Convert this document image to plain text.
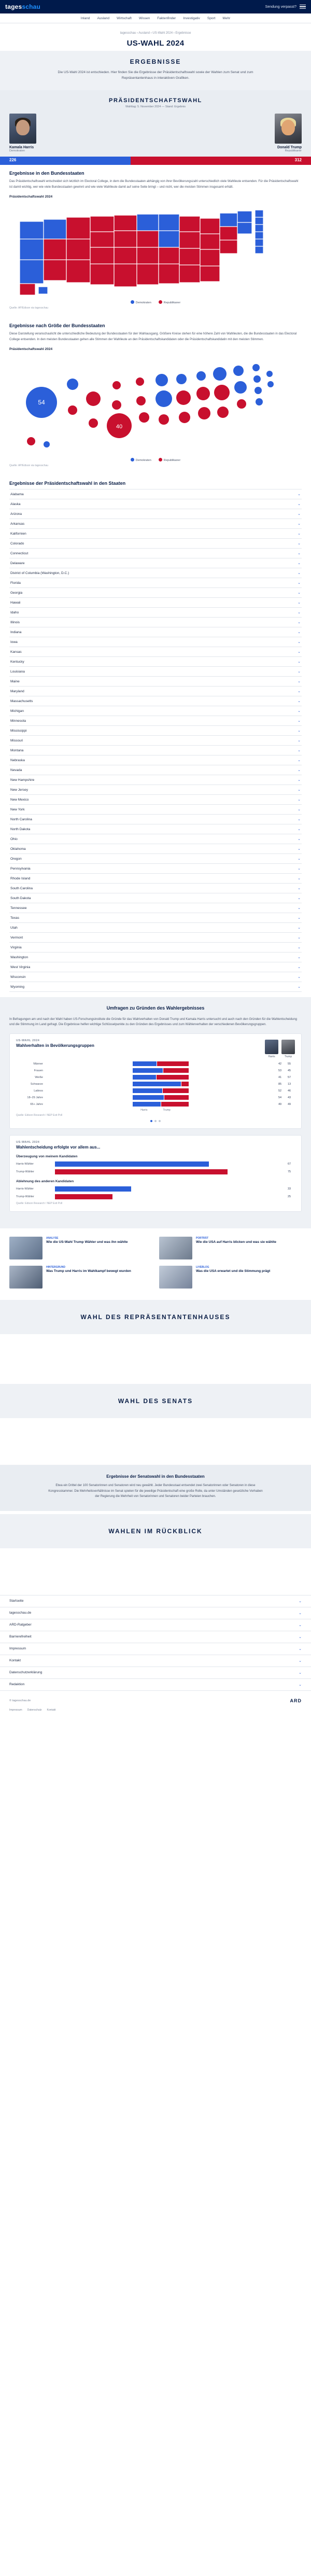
tagesschau	Sendung verpasst?
Inland Ausland Wirtschaft Wissen Faktenfinder Investigativ Sport Mehr
tagesschau › Ausland › US-Wahl 2024 › Ergebnisse
US-WAHL 2024
ERGEBNISSE

Die US-Wahl 2024 ist entschieden. Hier finden Sie die Ergebnisse der Präsidentschaftswahl sowie der Wahlen zum Senat und zum Repräsentantenhaus in interaktiven Grafiken.

PRÄSIDENTSCHAFTSWAHL
Wahltag: 5. November 2024 — Stand: Ergebnis
Kamala Harris
Demokraten
Donald Trump
Republikaner
226	312
Ergebnisse in den Bundesstaaten

Das Präsidentschaftswahl entscheidet sich letztlich im Electoral College, in dem die Bundesstaaten abhängig von ihrer Bevölkerungszahl unterschiedlich viele Wahlleute entsenden. Für die Präsidentschaftswahl ist damit wichtig, wer wie viele Bundesstaaten gewinnt und wie viele Wahlleute damit auf seine Seite bringt – und nicht, wer die meisten Stimmen insgesamt erhält.

Präsidentschaftswahl 2024
Demokraten	Republikaner
Quelle: AP/Edison via tagesschau
Ergebnisse nach Größe der Bundesstaaten

Diese Darstellung veranschaulicht die unterschiedliche Bedeutung der Bundesstaaten für den Wahlausgang. Größere Kreise stehen für eine höhere Zahl von Wahlleuten, die die Bundesstaaten in das Electoral College entsenden. In den meisten Bundesstaaten gehen alle Stimmen der Wahlleute an den Präsidentschaftskandidaten oder die Präsidentschaftskandidatin mit den meisten Stimmen.

Präsidentschaftswahl 2024
54
40
Demokraten	Republikaner
Quelle: AP/Edison via tagesschau
Ergebnisse der Präsidentschaftswahl in den Staaten
Alabama	⌄
Alaska	⌄
Arizona	⌄
Arkansas	⌄
Kalifornien	⌄
Colorado	⌄
Connecticut	⌄
Delaware	⌄
District of Columbia (Washington, D.C.)	⌄
Florida	⌄
Georgia	⌄
Hawaii	⌄
Idaho	⌄
Illinois	⌄
Indiana	⌄
Iowa	⌄
Kansas	⌄
Kentucky	⌄
Louisiana	⌄
Maine	⌄
Maryland	⌄
Massachusetts	⌄
Michigan	⌄
Minnesota	⌄
Mississippi	⌄
Missouri	⌄
Montana	⌄
Nebraska	⌄
Nevada	⌄
New Hampshire	⌄
New Jersey	⌄
New Mexico	⌄
New York	⌄
North Carolina	⌄
North Dakota	⌄
Ohio	⌄
Oklahoma	⌄
Oregon	⌄
Pennsylvania	⌄
Rhode Island	⌄
South Carolina	⌄
South Dakota	⌄
Tennessee	⌄
Texas	⌄
Utah	⌄
Vermont	⌄
Virginia	⌄
Washington	⌄
West Virginia	⌄
Wisconsin	⌄
Wyoming	⌄
Umfragen zu Gründen des Wahlergebnisses

In Befragungen am und nach der Wahl haben US-Forschungsinstitute die Gründe für das Wahlverhalten von Donald Trump und Kamala Harris untersucht und auch nach den Gründen für die Wahlentscheidung und die Stimmung im Land gefragt. Die Ergebnisse helfen wichtige Schlüsselpunkte zu den Gründen des Ergebnisses und zum Wählerverhalten der verschiedenen Bevölkerungsgruppen.

US-WAHL 2024
Wahlverhalten in Bevölkerungsgruppen
Harris	Trump
Männer	42	55
Frauen	53	45
Weiße	41	57
Schwarze	85	13
Latinos	52	46
18–29 Jahre	54	43
65+ Jahre	49	49
Harris	Trump
Quelle: Edison Research / NEP Exit Poll
US-WAHL 2024
Wahlentscheidung erfolgte vor allem aus...
Überzeugung von meinem Kandidaten
Harris-Wähler	67
Trump-Wähler	75
Ablehnung des anderen Kandidaten
Harris-Wähler	33
Trump-Wähler	25
Quelle: Edison Research / NEP Exit Poll
ANALYSE
Wie die US-Wahl Trump Wähler und was ihn wählte
PORTRÄT
Wie die USA auf Harris blicken und was sie wählte
HINTERGRUND
Was Trump und Harris im Wahlkampf bewegt wurden
LIVEBLOG
Was die USA erwartet und die Stimmung prägt
WAHL DES REPRÄSENTANTENHAUSES
WAHL DES SENATS
Ergebnisse der Senatswahl in den Bundesstaaten

Etwa ein Drittel der 100 Senatorinnen und Senatoren wird neu gewählt. Jeder Bundesstaat entsendet zwei Senatorinnen oder Senatoren in diese Kongresskammer. Die Mehrheitsverhältnisse im Senat spielen für die jeweilige Präsidentschaft eine große Rolle, da unter Umständen gesetzliche Vorhaben der Regierung die Mehrheit von Senatorinnen und Senatoren beider Parteien brauchen.

WAHLEN IM RÜCKBLICK
Startseite	⌄
tagesschau.de	⌄
ARD-Ratgeber	⌄
Barrierefreiheit	⌄
Impressum	⌄
Kontakt	⌄
Datenschutzerklärung	⌄
Redaktion	⌄
© tagesschau.de	ARD
Impressum Datenschutz Kontakt
